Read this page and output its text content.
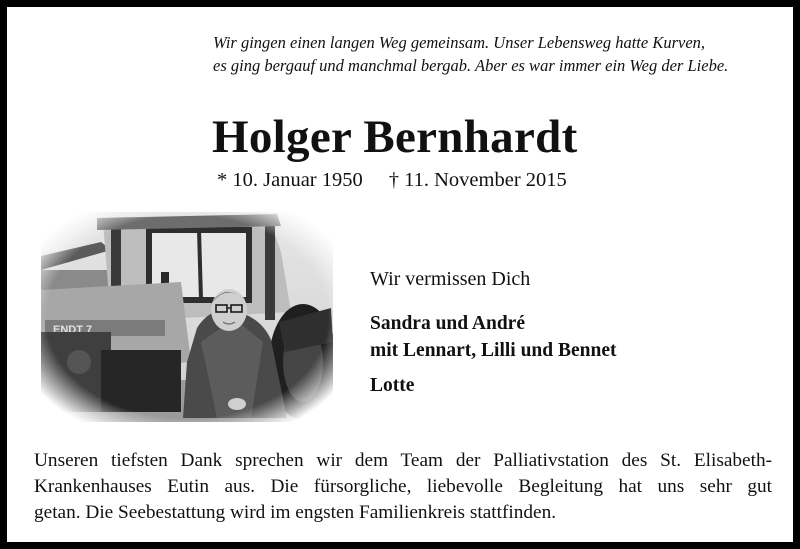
Wir gingen einen langen Weg gemeinsam. Unser Lebensweg hatte Kurven,
es ging bergauf und manchmal bergab. Aber es war immer ein Weg der Liebe.

Holger Bernhardt

* 10. Januar 1950 † 11. November 2015

Wir vermissen Dich

Sandra und André
mit Lennart, Lilli und Bennet
Lotte

Unseren tiefsten Dank sprechen wir dem Team der Palliativstation des St. Elisabeth-
Krankenhauses Eutin aus. Die fürsorgliche, liebevolle Begleitung hat uns sehr gut
getan. Die Seebestattung wird im engsten Familienkreis stattfinden.
